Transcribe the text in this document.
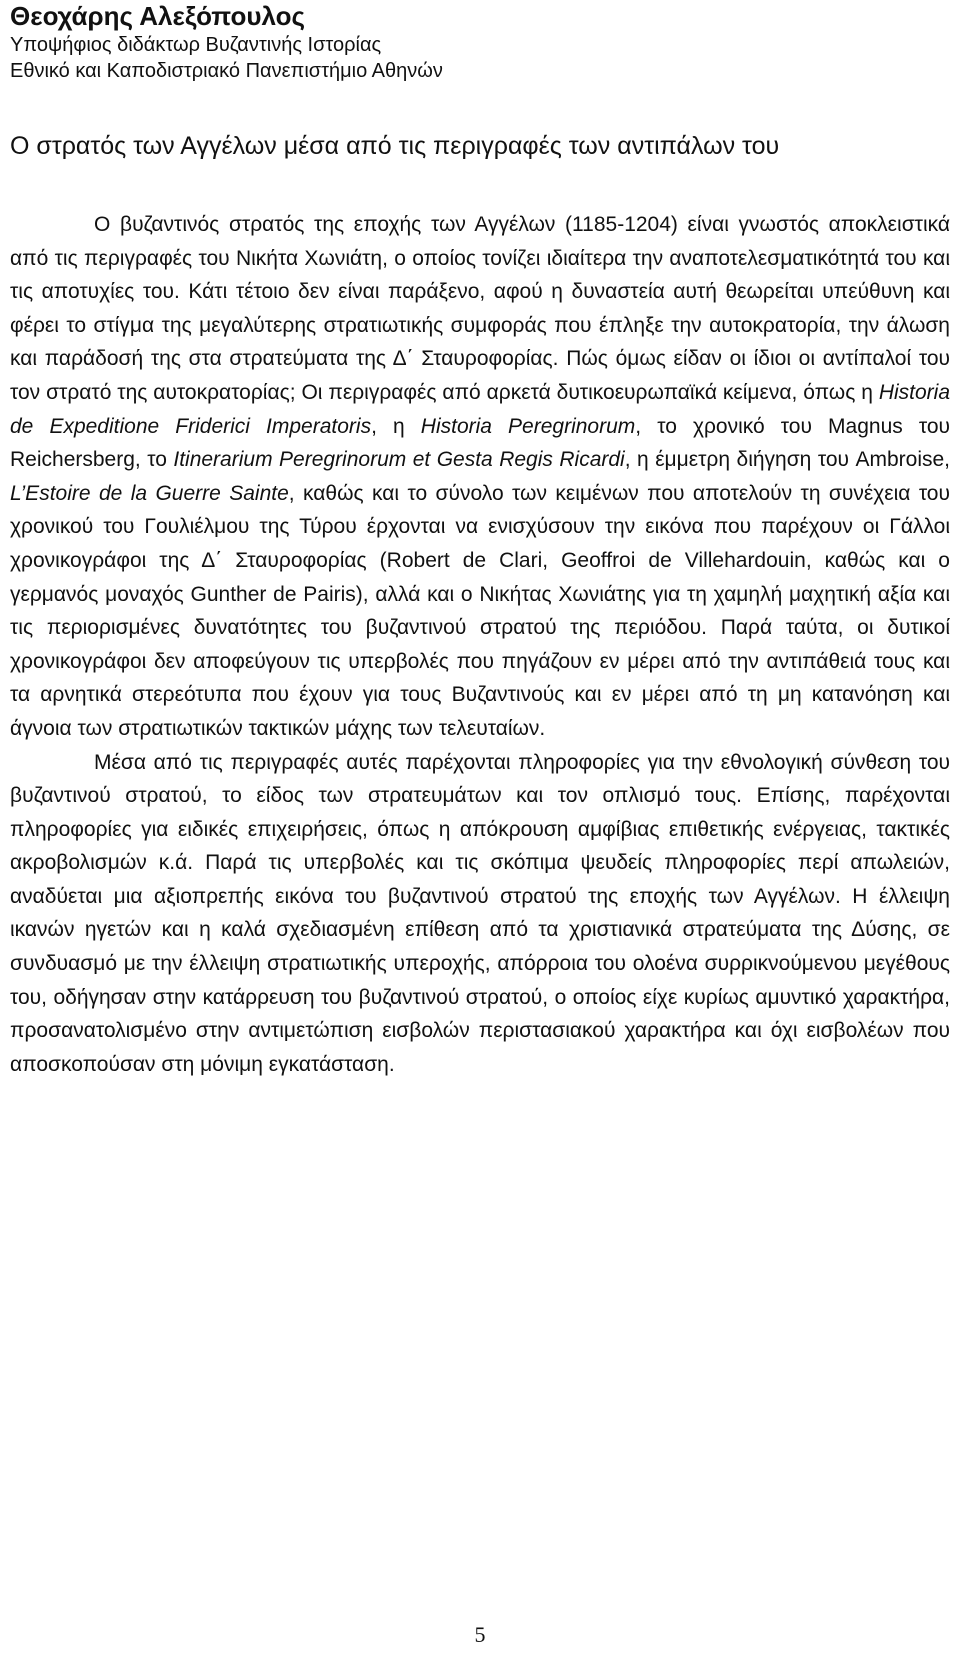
Θεοχάρης Αλεξόπουλος

Υποψήφιος διδάκτωρ Βυζαντινής Ιστορίας

Εθνικό και Καποδιστριακό Πανεπιστήμιο Αθηνών

Ο στρατός των Αγγέλων μέσα από τις περιγραφές των αντιπάλων του

Ο βυζαντινός στρατός της εποχής των Αγγέλων (1185-1204) είναι γνωστός αποκλειστικά από τις περιγραφές του Νικήτα Χωνιάτη, ο οποίος τονίζει ιδιαίτερα την αναποτελεσματικότητά του και τις αποτυχίες του. Κάτι τέτοιο δεν είναι παράξενο, αφού η δυναστεία αυτή θεωρείται υπεύθυνη και φέρει το στίγμα της μεγαλύτερης στρατιωτικής συμφοράς που έπληξε την αυτοκρατορία, την άλωση και παράδοσή της στα στρατεύματα της Δ΄ Σταυροφορίας. Πώς όμως είδαν οι ίδιοι οι αντίπαλοί του τον στρατό της αυτοκρατορίας; Οι περιγραφές από αρκετά δυτικοευρωπαϊκά κείμενα, όπως η Historia de Expeditione Friderici Imperatoris, η Historia Peregrinorum, το χρονικό του Magnus του Reichersberg, το Itinerarium Peregrinorum et Gesta Regis Ricardi, η έμμετρη διήγηση του Ambroise, L’Estoire de la Guerre Sainte, καθώς και το σύνολο των κειμένων που αποτελούν τη συνέχεια του χρονικού του Γουλιέλμου της Τύρου έρχονται να ενισχύσουν την εικόνα που παρέχουν οι Γάλλοι χρονικογράφοι της Δ΄ Σταυροφορίας (Robert de Clari, Geoffroi de Villehardouin, καθώς και ο γερμανός μοναχός Gunther de Pairis), αλλά και ο Νικήτας Χωνιάτης για τη χαμηλή μαχητική αξία και τις περιορισμένες δυνατότητες του βυζαντινού στρατού της περιόδου. Παρά ταύτα, οι δυτικοί χρονικογράφοι δεν αποφεύγουν τις υπερβολές που πηγάζουν εν μέρει από την αντιπάθειά τους και τα αρνητικά στερεότυπα που έχουν για τους Βυζαντινούς και εν μέρει από τη μη κατανόηση και άγνοια των στρατιωτικών τακτικών μάχης των τελευταίων.

Μέσα από τις περιγραφές αυτές παρέχονται πληροφορίες για την εθνολογική σύνθεση του βυζαντινού στρατού, το είδος των στρατευμάτων και τον οπλισμό τους. Επίσης, παρέχονται πληροφορίες για ειδικές επιχειρήσεις, όπως η απόκρουση αμφίβιας επιθετικής ενέργειας, τακτικές ακροβολισμών κ.ά. Παρά τις υπερβολές και τις σκόπιμα ψευδείς πληροφορίες περί απωλειών, αναδύεται μια αξιοπρεπής εικόνα του βυζαντινού στρατού της εποχής των Αγγέλων. Η έλλειψη ικανών ηγετών και η καλά σχεδιασμένη επίθεση από τα χριστιανικά στρατεύματα της Δύσης, σε συνδυασμό με την έλλειψη στρατιωτικής υπεροχής, απόρροια του ολοένα συρρικνούμενου μεγέθους του, οδήγησαν στην κατάρρευση του βυζαντινού στρατού, ο οποίος είχε κυρίως αμυντικό χαρακτήρα, προσανατολισμένο στην αντιμετώπιση εισβολών περιστασιακού χαρακτήρα και όχι εισβολέων που αποσκοπούσαν στη μόνιμη εγκατάσταση.

5
